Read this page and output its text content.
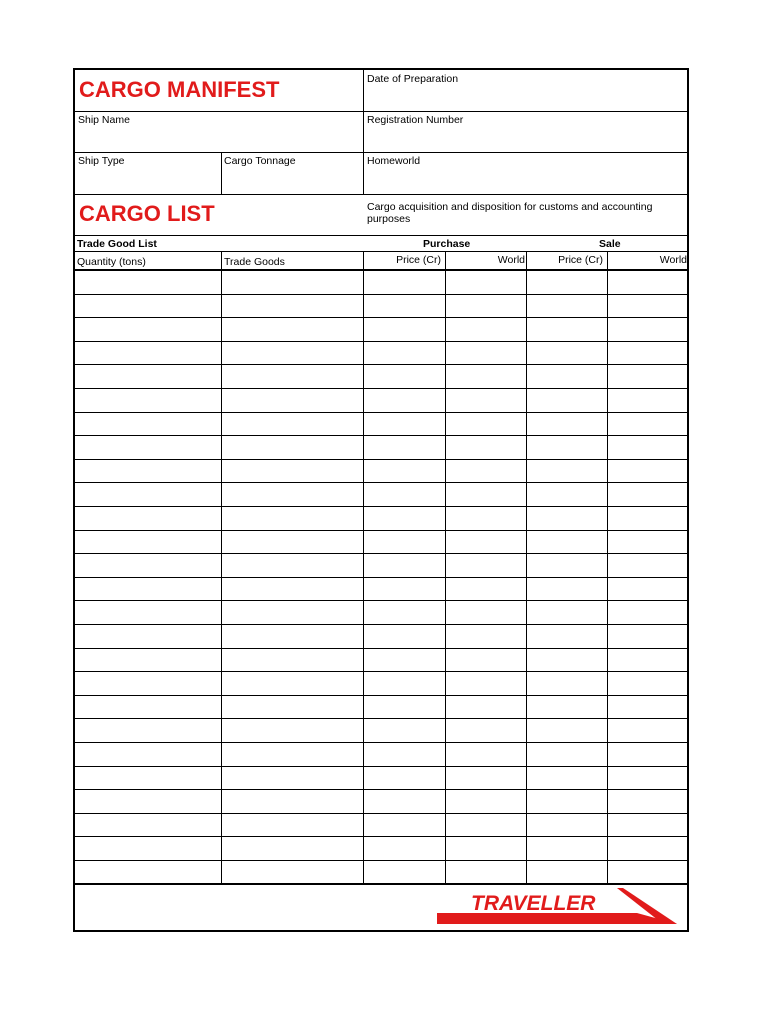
CARGO MANIFEST	Date of Preparation
Ship Name	Registration Number
Ship Type	Cargo Tonnage	Homeworld
CARGO LIST	Cargo acquisition and disposition for customs and accounting purposes
Trade Good List	Purchase	Sale
Quantity (tons)	Trade Goods	Price (Cr)	World	Price (Cr)	World
TRAVELLER
